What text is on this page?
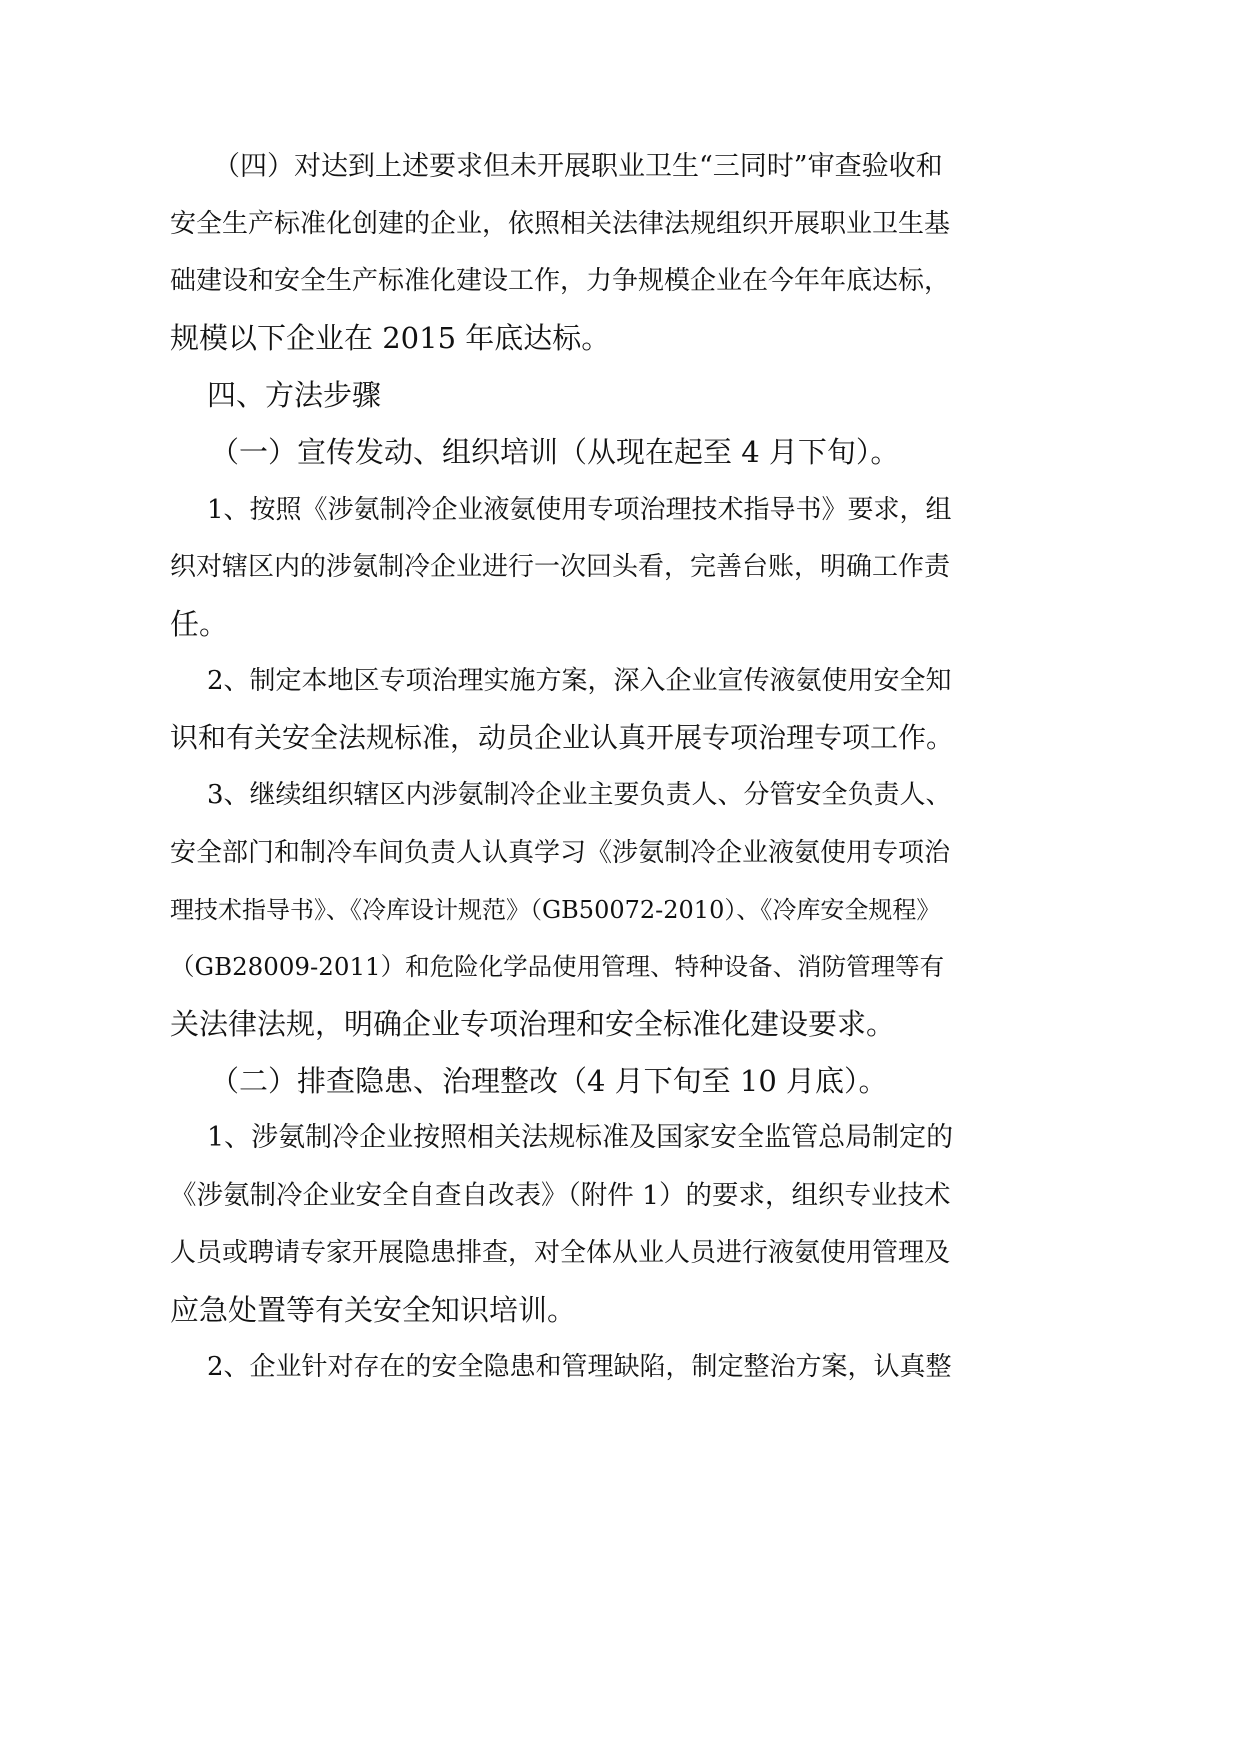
（四）对达到上述要求但未开展职业卫生“三同时”审查验收和

安全生产标准化创建的企业，依照相关法律法规组织开展职业卫生基

础建设和安全生产标准化建设工作，力争规模企业在今年年底达标，

规模以下企业在 2015 年底达标。

四、方法步骤

（一）宣传发动、组织培训（从现在起至 4 月下旬）。

1、按照《涉氨制冷企业液氨使用专项治理技术指导书》要求，组

织对辖区内的涉氨制冷企业进行一次回头看，完善台账，明确工作责

任。

2、制定本地区专项治理实施方案，深入企业宣传液氨使用安全知

识和有关安全法规标准，动员企业认真开展专项治理专项工作。

3、继续组织辖区内涉氨制冷企业主要负责人、分管安全负责人、

安全部门和制冷车间负责人认真学习《涉氨制冷企业液氨使用专项治

理技术指导书》、《冷库设计规范》（GB50072-2010）、《冷库安全规程》

（GB28009-2011）和危险化学品使用管理、特种设备、消防管理等有

关法律法规，明确企业专项治理和安全标准化建设要求。

（二）排查隐患、治理整改（4 月下旬至 10 月底）。

1、涉氨制冷企业按照相关法规标准及国家安全监管总局制定的

《涉氨制冷企业安全自查自改表》（附件 1）的要求，组织专业技术

人员或聘请专家开展隐患排查，对全体从业人员进行液氨使用管理及

应急处置等有关安全知识培训。

2、企业针对存在的安全隐患和管理缺陷，制定整治方案，认真整
